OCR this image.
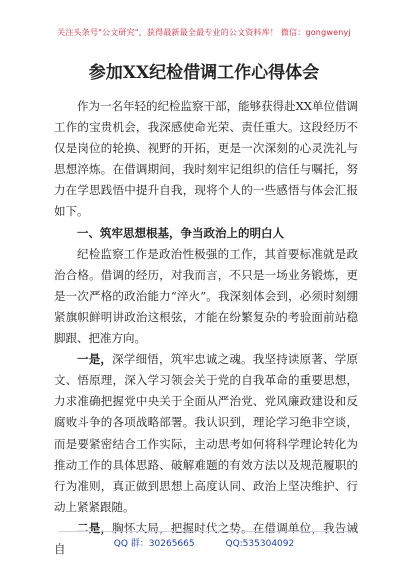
关注头条号"公文研究"，获得最新最全最专业的公文资料库！ 微信：gongwenyj
参加XX纪检借调工作心得体会

作为一名年轻的纪检监察干部，能够获得赴XX单位借调工作的宝贵机会，我深感使命光荣、责任重大。这段经历不仅是岗位的轮换、视野的开拓，更是一次深刻的心灵洗礼与思想淬炼。在借调期间，我时刻牢记组织的信任与嘱托，努力在学思践悟中提升自我，现将个人的一些感悟与体会汇报如下。

一、筑牢思想根基，争当政治上的明白人

纪检监察工作是政治性极强的工作，其首要标准就是政治合格。借调的经历，对我而言，不只是一场业务锻炼，更是一次严格的政治能力“淬火”。我深刻体会到，必须时刻绷紧旗帜鲜明讲政治这根弦，才能在纷繁复杂的考验面前站稳脚跟、把准方向。

一是，深学细悟，筑牢忠诚之魂。我坚持读原著、学原文、悟原理，深入学习领会关于党的自我革命的重要思想，力求准确把握党中央关于全面从严治党、党风廉政建设和反腐败斗争的各项战略部署。我认识到，理论学习绝非空谈，而是要紧密结合工作实际，主动思考如何将科学理论转化为推动工作的具体思路、破解难题的有效方法以及规范履职的行为准则，真正做到思想上高度认同、政治上坚决维护、行动上紧紧跟随。

二是，胸怀大局，把握时代之势。在借调单位，我告诫自	QQ 群：30265665	QQ:535304092
